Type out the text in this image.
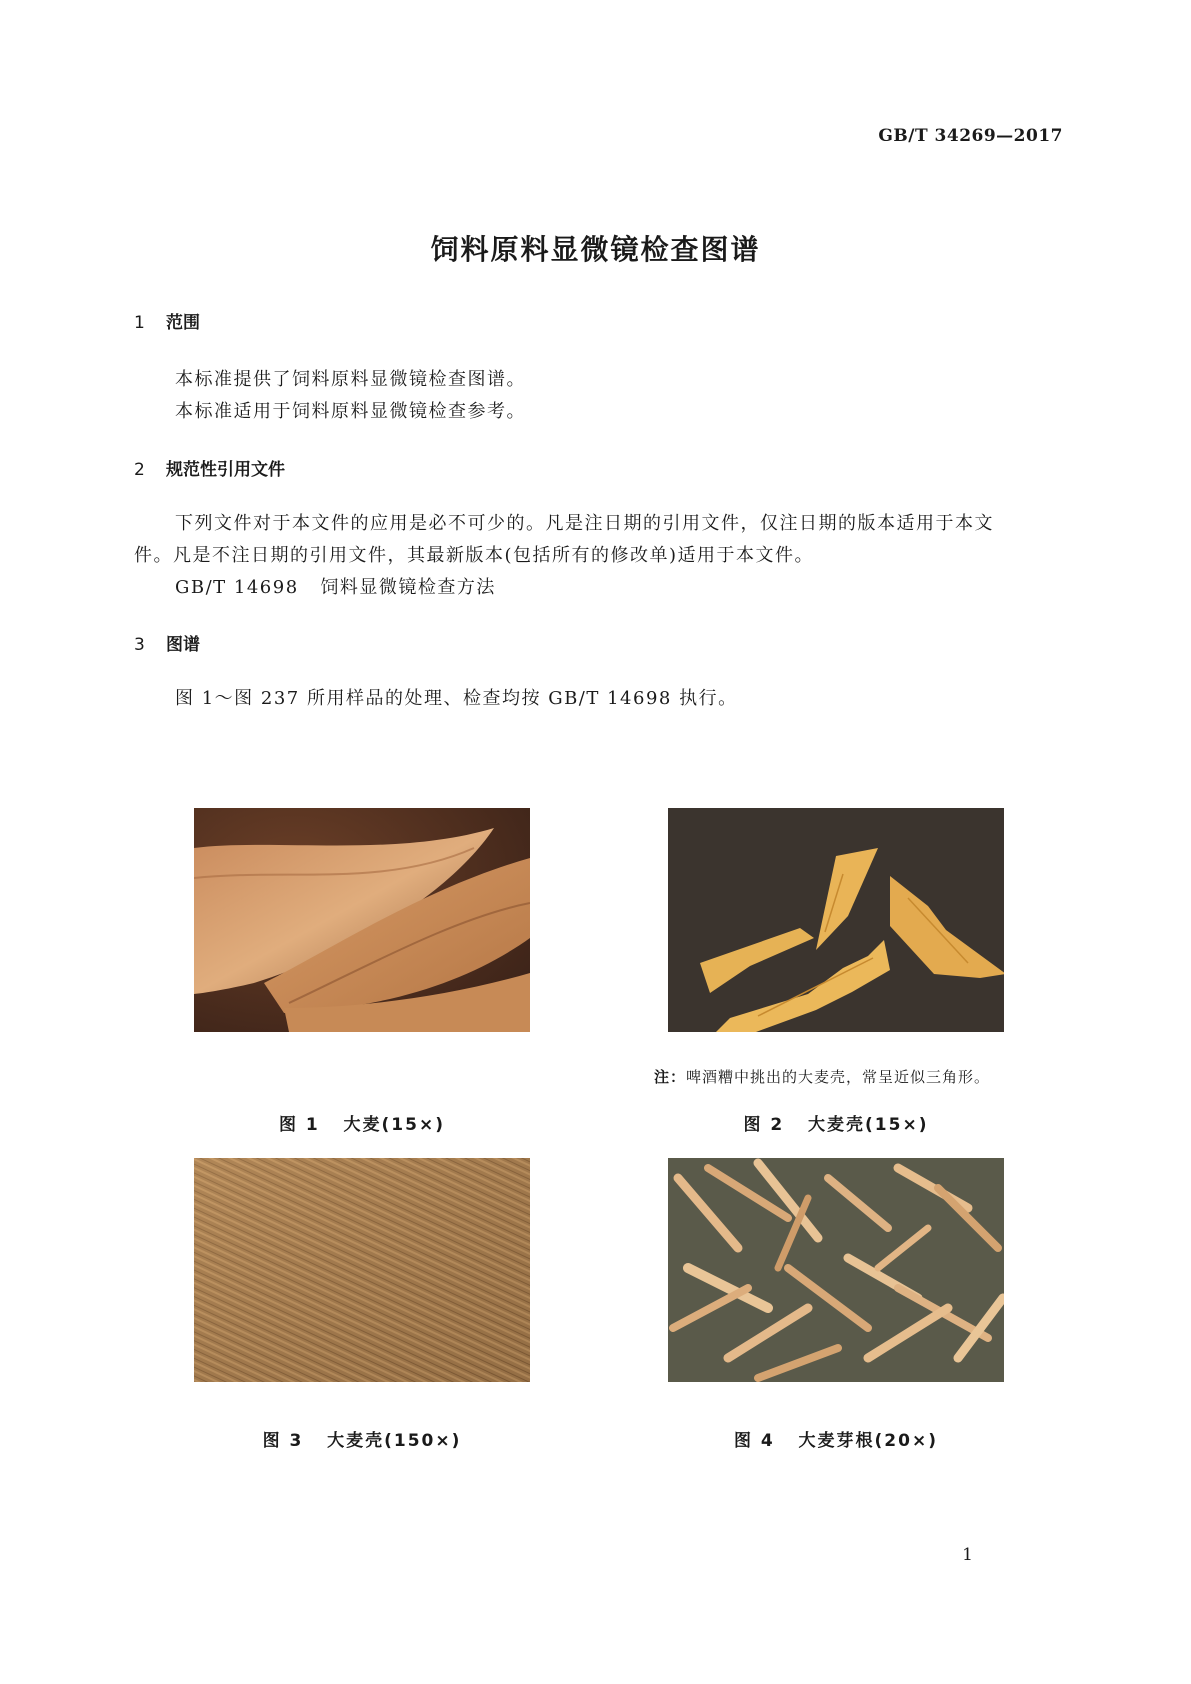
GB/T 34269—2017
饲料原料显微镜检查图谱
1 范围

本标准提供了饲料原料显微镜检查图谱。

本标准适用于饲料原料显微镜检查参考。

2 规范性引用文件

下列文件对于本文件的应用是必不可少的。凡是注日期的引用文件，仅注日期的版本适用于本文

件。凡是不注日期的引用文件，其最新版本(包括所有的修改单)适用于本文件。

GB/T 14698 饲料显微镜检查方法

3 图谱

图 1～图 237 所用样品的处理、检查均按 GB/T 14698 执行。

图 1 大麦(15×)
注：啤酒糟中挑出的大麦壳，常呈近似三角形。
图 2 大麦壳(15×)
图 3 大麦壳(150×)	图 4 大麦芽根(20×)
1
